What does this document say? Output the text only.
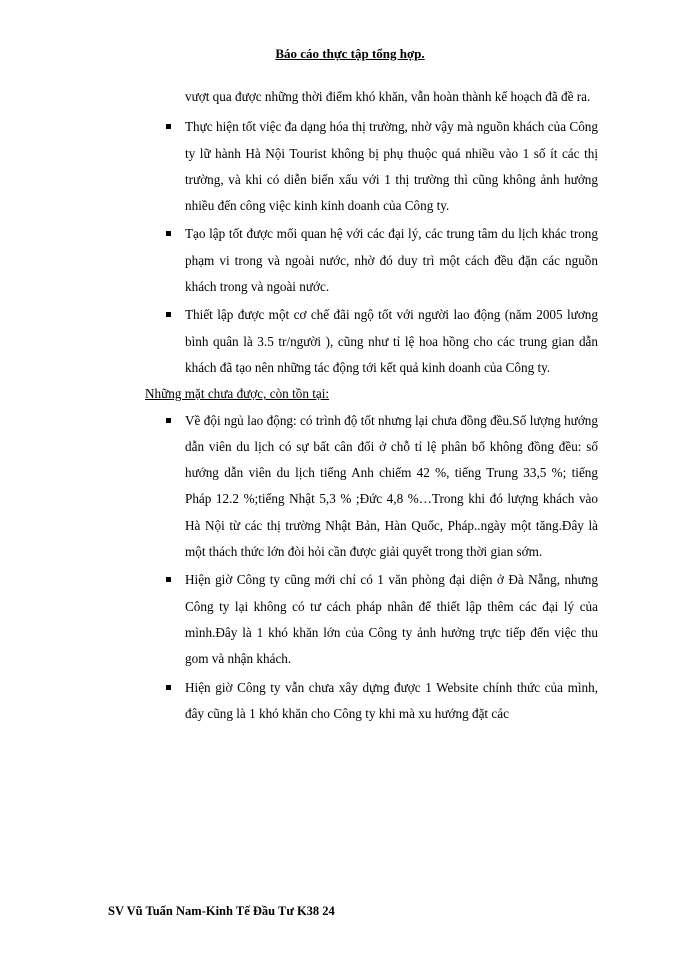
Báo cáo thực tập tổng hợp.

vượt qua được những thời điểm khó khăn, vẫn hoàn thành kế hoạch đã đề ra.

Thực hiện tốt việc đa dạng hóa thị trường, nhờ vậy mà nguồn khách của Công ty lữ hành Hà Nội Tourist không bị phụ thuộc quá nhiều vào 1 số ít các thị trường, và khi có diễn biến xấu với 1 thị trường thì cũng không ảnh hưởng nhiều đến công việc kinh kinh doanh của Công ty.
Tạo lập tốt được mối quan hệ với các đại lý, các trung tâm du lịch khác trong phạm vi trong và ngoài nước, nhờ đó duy trì một cách đều đặn các nguồn khách trong và ngoài nước.
Thiết lập được một cơ chế đãi ngộ tốt với người lao động (năm 2005 lương bình quân là 3.5 tr/người ), cũng như tỉ lệ hoa hồng cho các trung gian dẫn khách đã tạo nên những tác động tới kết quả kinh doanh của Công ty.
Những mặt chưa được, còn tồn tại:
Về đội ngủ lao động: có trình độ tốt nhưng lại chưa đồng đều.Số lượng hướng dẫn viên du lịch có sự bất cân đối ở chỗ tỉ lệ phân bố không đồng đều: số hướng dẫn viên du lịch tiếng Anh chiếm 42 %, tiếng Trung 33,5 %; tiếng Pháp 12.2 %;tiếng Nhật 5,3 % ;Đức 4,8 %…Trong khi đó lượng khách vào Hà Nội từ các thị trường Nhật Bản, Hàn Quốc, Pháp..ngày một tăng.Đây là một thách thức lớn đòi hỏi cần được giải quyết trong thời gian sớm.
Hiện giờ Công ty cũng mới chỉ có 1 văn phòng đại diện ở Đà Nẵng, nhưng Công ty lại không có tư cách pháp nhân để thiết lập thêm các đại lý của mình.Đây là 1 khó khăn lớn của Công ty ảnh hưởng trực tiếp đến việc thu gom và nhận khách.
Hiện giờ Công ty vẫn chưa xây dựng được 1 Website chính thức của mình, đây cũng là 1 khó khăn cho Công ty khi mà xu hướng đặt các
SV Vũ Tuấn Nam-Kinh Tế Đầu Tư K38 24
